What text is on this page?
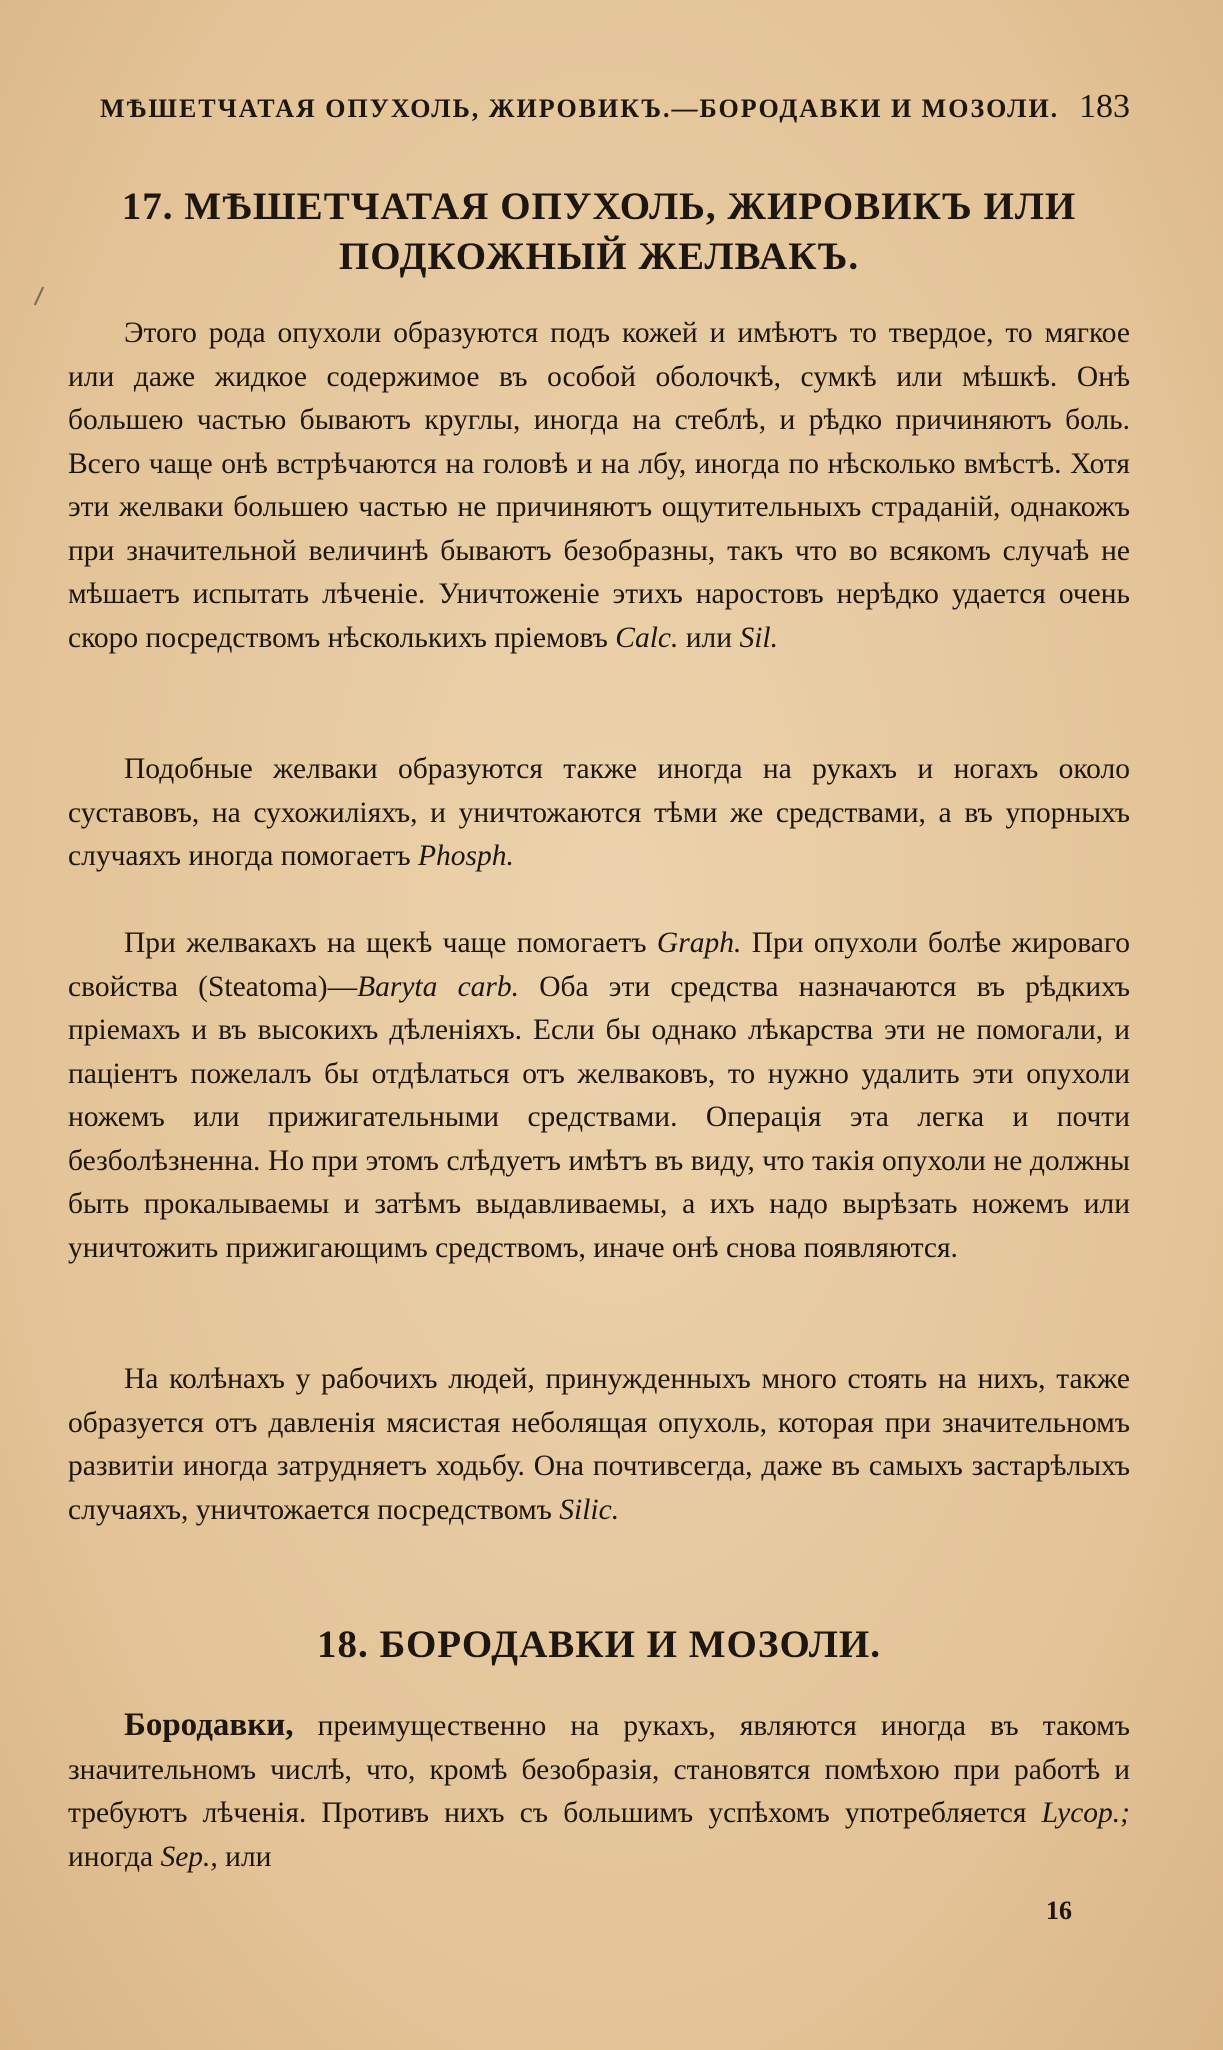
МѢШЕТЧАТАЯ ОПУХОЛЬ, ЖИРОВИКЪ.—БОРОДАВКИ И МОЗОЛИ. 183
17. МѢШЕТЧАТАЯ ОПУХОЛЬ, ЖИРОВИКЪ ИЛИ
ПОДКОЖНЫЙ ЖЕЛВАКЪ.

Этого рода опухоли образуются подъ кожей и имѣютъ то твердое, то мягкое или даже жидкое содержимое въ особой оболочкѣ, сумкѣ или мѣшкѣ. Онѣ большею частью бываютъ круглы, иногда на стеблѣ, и рѣдко причиняютъ боль. Всего чаще онѣ встрѣчаются на головѣ и на лбу, иногда по нѣсколько вмѣстѣ. Хотя эти желваки большею частью не причиняютъ ощутительныхъ страданій, однакожъ при значительной величинѣ бываютъ безобразны, такъ что во всякомъ случаѣ не мѣшаетъ испытать лѣченіе. Уничтоженіе этихъ наростовъ нерѣдко удается очень скоро посредствомъ нѣсколькихъ пріемовъ Calc. или Sil.

Подобные желваки образуются также иногда на рукахъ и ногахъ около суставовъ, на сухожиліяхъ, и уничтожаются тѣми же средствами, а въ упорныхъ случаяхъ иногда помогаетъ Phosph.

При желвакахъ на щекѣ чаще помогаетъ Graph. При опухоли болѣе жироваго свойства (Steatoma)—Baryta carb. Оба эти средства назначаются въ рѣдкихъ пріемахъ и въ высокихъ дѣленіяхъ. Если бы однако лѣкарства эти не помогали, и паціентъ пожелалъ бы отдѣлаться отъ желваковъ, то нужно удалить эти опухоли ножемъ или прижигательными средствами. Операція эта легка и почти безболѣзненна. Но при этомъ слѣдуетъ имѣтъ въ виду, что такія опухоли не должны быть прокалываемы и затѣмъ выдавливаемы, а ихъ надо вырѣзать ножемъ или уничтожить прижигающимъ средствомъ, иначе онѣ снова появляются.

На колѣнахъ у рабочихъ людей, принужденныхъ много стоять на нихъ, также образуется отъ давленія мясистая неболящая опухоль, которая при значительномъ развитіи иногда затрудняетъ ходьбу. Она почтивсегда, даже въ самыхъ застарѣлыхъ случаяхъ, уничтожается посредствомъ Silic.

18. БОРОДАВКИ И МОЗОЛИ.

Бородавки, преимущественно на рукахъ, являются иногда въ такомъ значительномъ числѣ, что, кромѣ безобразія, становятся помѣхою при работѣ и требуютъ лѣченія. Противъ нихъ съ большимъ успѣхомъ употребляется Lycop.; иногда Sep., или

16
